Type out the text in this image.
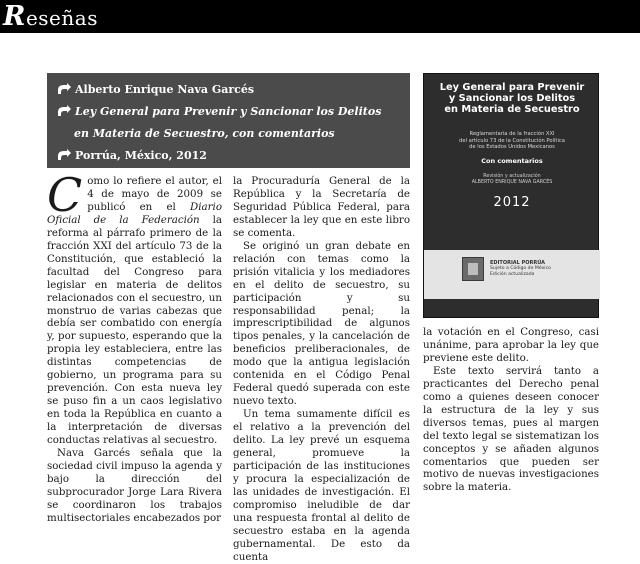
Reseñas
Alberto Enrique Nava Garcés
Ley General para Prevenir y Sancionar los Delitos
en Materia de Secuestro, con comentarios
Porrúa, México, 2012
Ley General para Prevenir
y Sancionar los Delitos
en Materia de Secuestro
Reglamentaria de la fracción XXI
del artículo 73 de la Constitución Política
de los Estados Unidos Mexicanos
Con comentarios
Revisión y actualización
ALBERTO ENRIQUE NAVA GARCÉS
2012
EDITORIAL PORRÚA
Sujeto a Código de México
Edición actualizada

Como lo refiere el autor, el 4 de mayo de 2009 se publicó en el Diario Oficial de la Federación la reforma al párrafo primero de la fracción XXI del artículo 73 de la Constitución, que estableció la facultad del Congreso para legislar en materia de delitos relacionados con el secuestro, un monstruo de varias cabezas que debía ser combatido con energía y, por supuesto, esperando que la propia ley estableciera, entre las distintas competencias de gobierno, un programa para su prevención. Con esta nueva ley se puso fin a un caos legislativo en toda la República en cuanto a la interpretación de diversas conductas relativas al secuestro.

Nava Garcés señala que la sociedad civil impuso la agenda y bajo la dirección del subprocurador Jorge Lara Rivera se coordinaron los trabajos multisectoriales encabezados por

la Procuraduría General de la República y la Secretaría de Seguridad Pública Federal, para establecer la ley que en este libro se comenta.

Se originó un gran debate en relación con temas como la prisión vitalicia y los mediadores en el delito de secuestro, su participación y su responsabilidad penal; la imprescriptibilidad de algunos tipos penales, y la cancelación de beneficios preliberacionales, de modo que la antigua legislación contenida en el Código Penal Federal quedó superada con este nuevo texto.

Un tema sumamente difícil es el relativo a la prevención del delito. La ley prevé un esquema general, promueve la participación de las instituciones y procura la especialización de las unidades de investigación. El compromiso ineludible de dar una respuesta frontal al delito de secuestro estaba en la agenda gubernamental. De esto da cuenta

la votación en el Congreso, casi unánime, para aprobar la ley que previene este delito.

Este texto servirá tanto a practicantes del Derecho penal como a quienes deseen conocer la estructura de la ley y sus diversos temas, pues al margen del texto legal se sistematizan los conceptos y se añaden algunos comentarios que pueden ser motivo de nuevas investigaciones sobre la materia.
